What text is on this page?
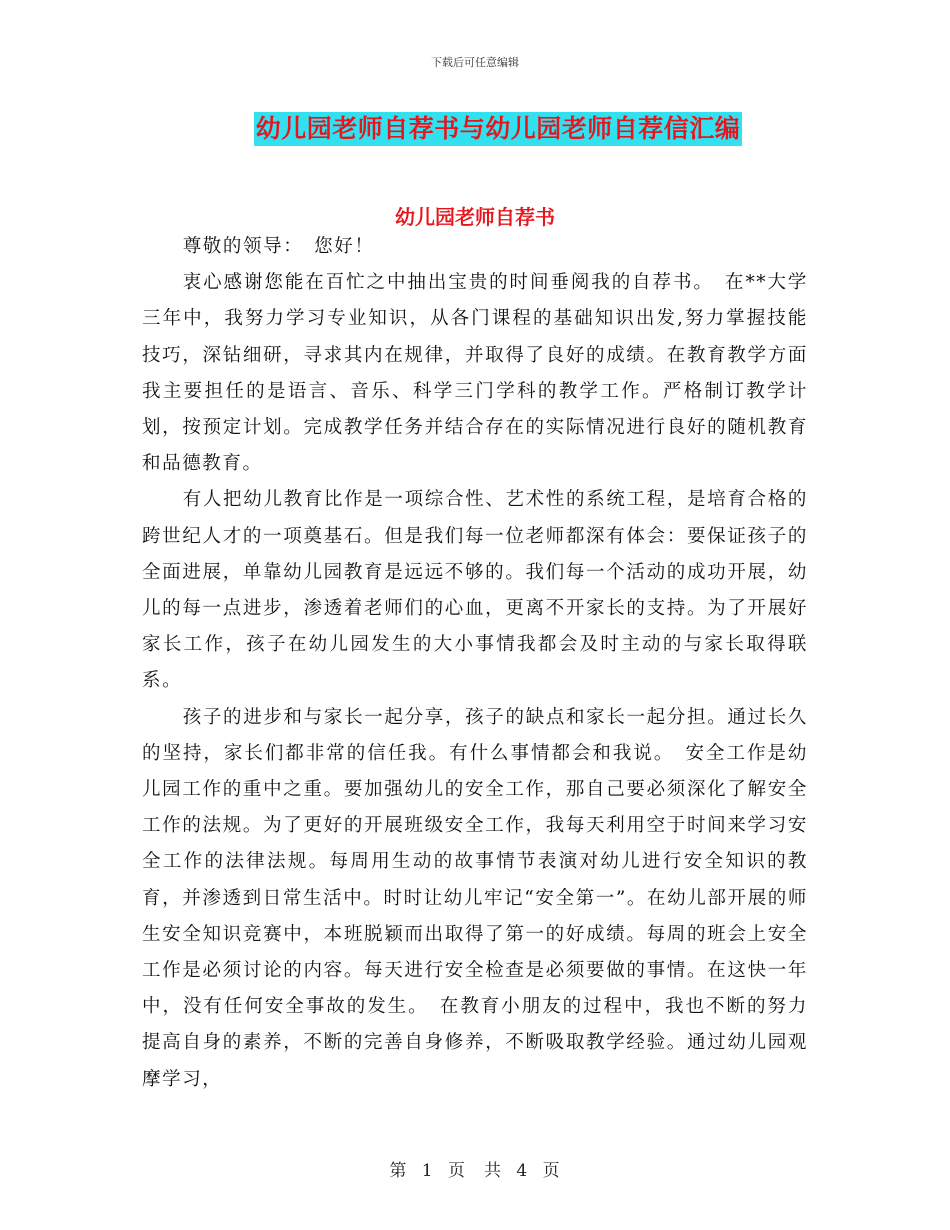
下载后可任意编辑
幼儿园老师自荐书与幼儿园老师自荐信汇编
幼儿园老师自荐书

尊敬的领导：　您好！

衷心感谢您能在百忙之中抽出宝贵的时间垂阅我的自荐书。　在**大学三年中，我努力学习专业知识，从各门课程的基础知识出发,努力掌握技能技巧，深钻细研，寻求其内在规律，并取得了良好的成绩。在教育教学方面我主要担任的是语言、音乐、科学三门学科的教学工作。严格制订教学计划，按预定计划。完成教学任务并结合存在的实际情况进行良好的随机教育和品德教育。

有人把幼儿教育比作是一项综合性、艺术性的系统工程，是培育合格的跨世纪人才的一项奠基石。但是我们每一位老师都深有体会：要保证孩子的全面进展，单靠幼儿园教育是远远不够的。我们每一个活动的成功开展，幼儿的每一点进步，渗透着老师们的心血，更离不开家长的支持。为了开展好家长工作，孩子在幼儿园发生的大小事情我都会及时主动的与家长取得联系。

孩子的进步和与家长一起分享，孩子的缺点和家长一起分担。通过长久的坚持，家长们都非常的信任我。有什么事情都会和我说。　安全工作是幼儿园工作的重中之重。要加强幼儿的安全工作，那自己要必须深化了解安全工作的法规。为了更好的开展班级安全工作，我每天利用空于时间来学习安全工作的法律法规。每周用生动的故事情节表演对幼儿进行安全知识的教育，并渗透到日常生活中。时时让幼儿牢记“安全第一”。在幼儿部开展的师生安全知识竞赛中，本班脱颖而出取得了第一的好成绩。每周的班会上安全工作是必须讨论的内容。每天进行安全检查是必须要做的事情。在这快一年中，没有任何安全事故的发生。　在教育小朋友的过程中，我也不断的努力提高自身的素养，不断的完善自身修养，不断吸取教学经验。通过幼儿园观摩学习，

第 1 页　共 4 页
